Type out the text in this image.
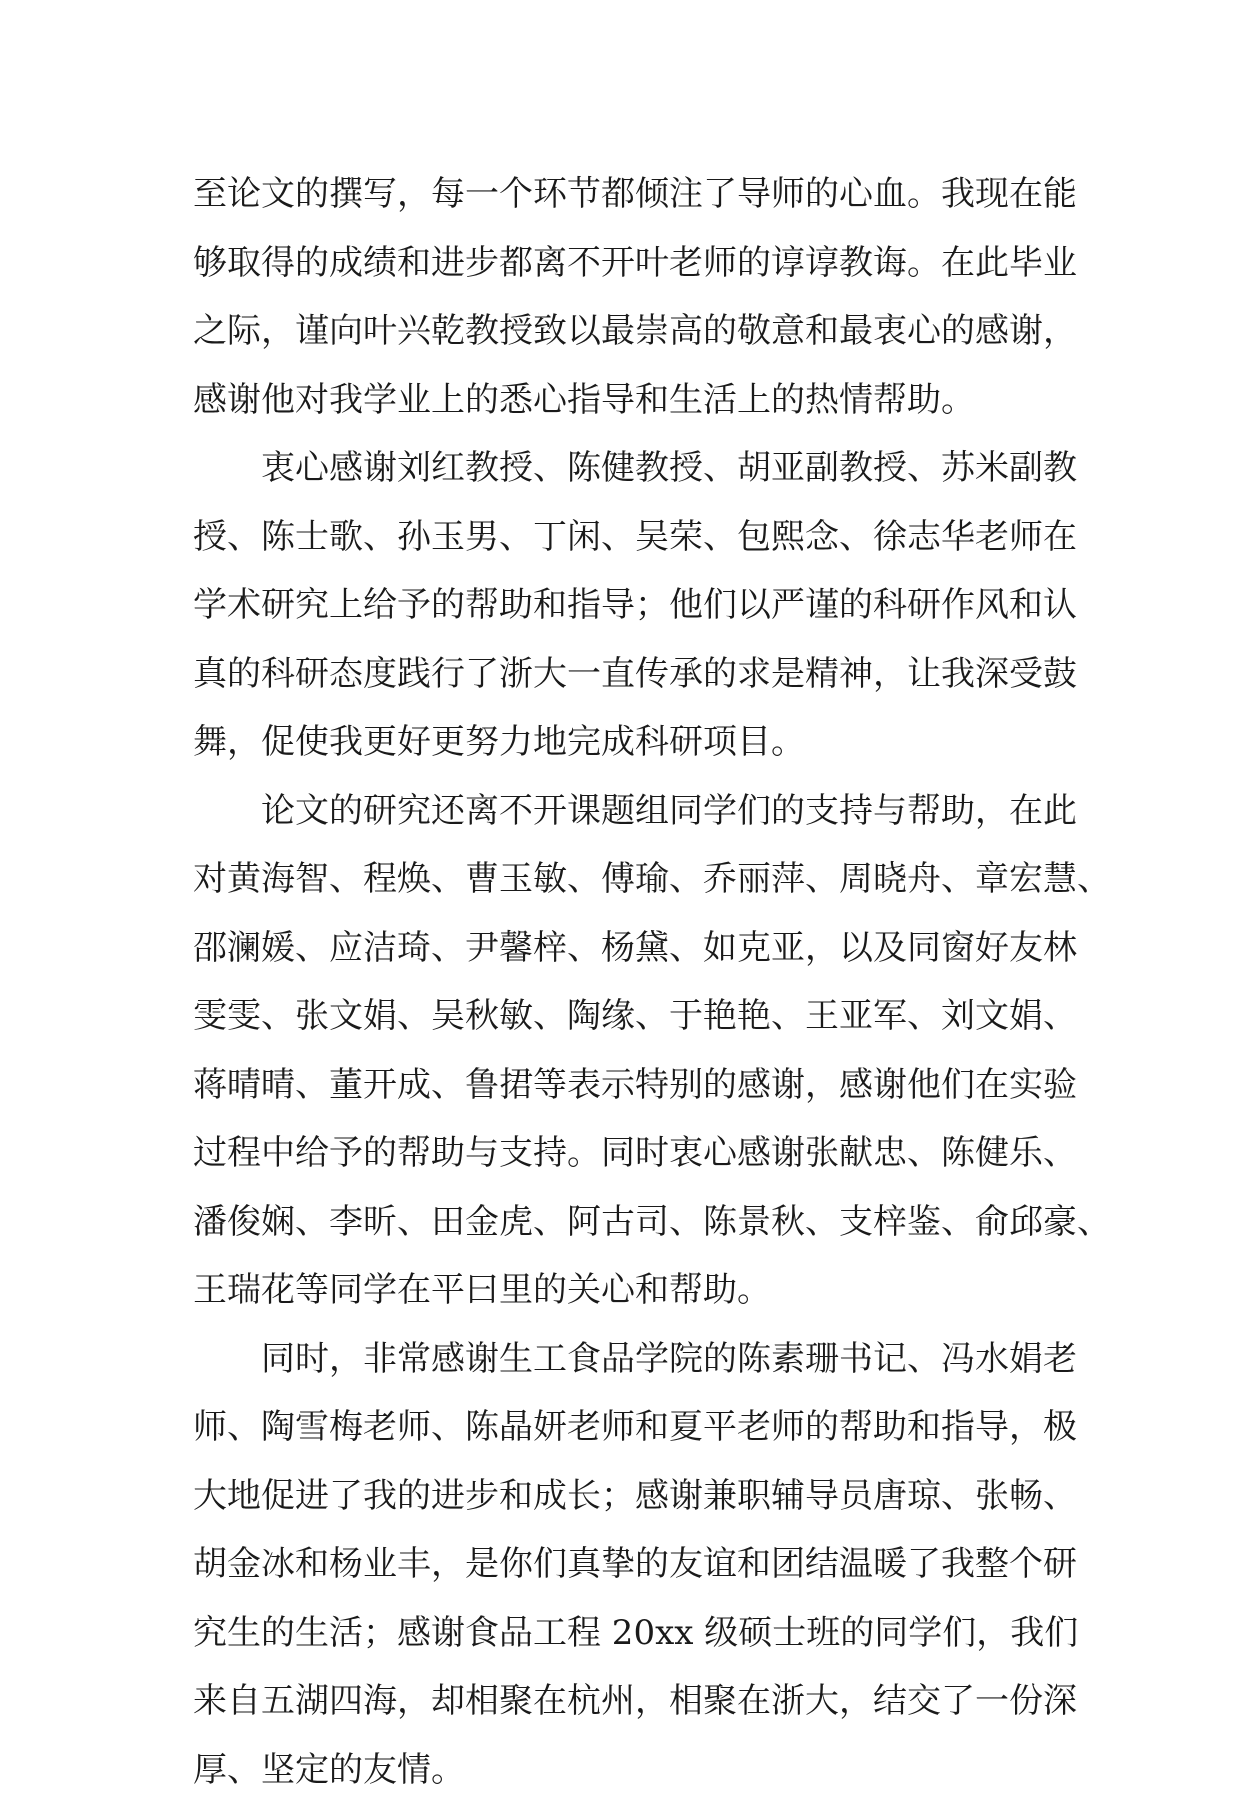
至论文的撰写，每一个环节都倾注了导师的心血。我现在能
够取得的成绩和进步都离不开叶老师的谆谆教诲。在此毕业
之际，谨向叶兴乾教授致以最崇高的敬意和最衷心的感谢，
感谢他对我学业上的悉心指导和生活上的热情帮助。
衷心感谢刘红教授、陈健教授、胡亚副教授、苏米副教
授、陈士歌、孙玉男、丁闲、吴荣、包熙念、徐志华老师在
学术研究上给予的帮助和指导；他们以严谨的科研作风和认
真的科研态度践行了浙大一直传承的求是精神，让我深受鼓
舞，促使我更好更努力地完成科研项目。
论文的研究还离不开课题组同学们的支持与帮助，在此
对黄海智、程焕、曹玉敏、傅瑜、乔丽萍、周晓舟、章宏慧、
邵澜媛、应洁琦、尹馨梓、杨黛、如克亚，以及同窗好友林
雯雯、张文娟、吴秋敏、陶缘、于艳艳、王亚军、刘文娟、
蒋晴晴、董开成、鲁捃等表示特别的感谢，感谢他们在实验
过程中给予的帮助与支持。同时衷心感谢张献忠、陈健乐、
潘俊娴、李昕、田金虎、阿古司、陈景秋、支梓鉴、俞邱豪、
王瑞花等同学在平曰里的关心和帮助。
同时，非常感谢生工食品学院的陈素珊书记、冯水娟老
师、陶雪梅老师、陈晶妍老师和夏平老师的帮助和指导，极
大地促进了我的进步和成长；感谢兼职辅导员唐琼、张畅、
胡金冰和杨业丰，是你们真挚的友谊和团结温暖了我整个研
究生的生活；感谢食品工程 20xx 级硕士班的同学们，我们
来自五湖四海，却相聚在杭州，相聚在浙大，结交了一份深
厚、坚定的友情。
